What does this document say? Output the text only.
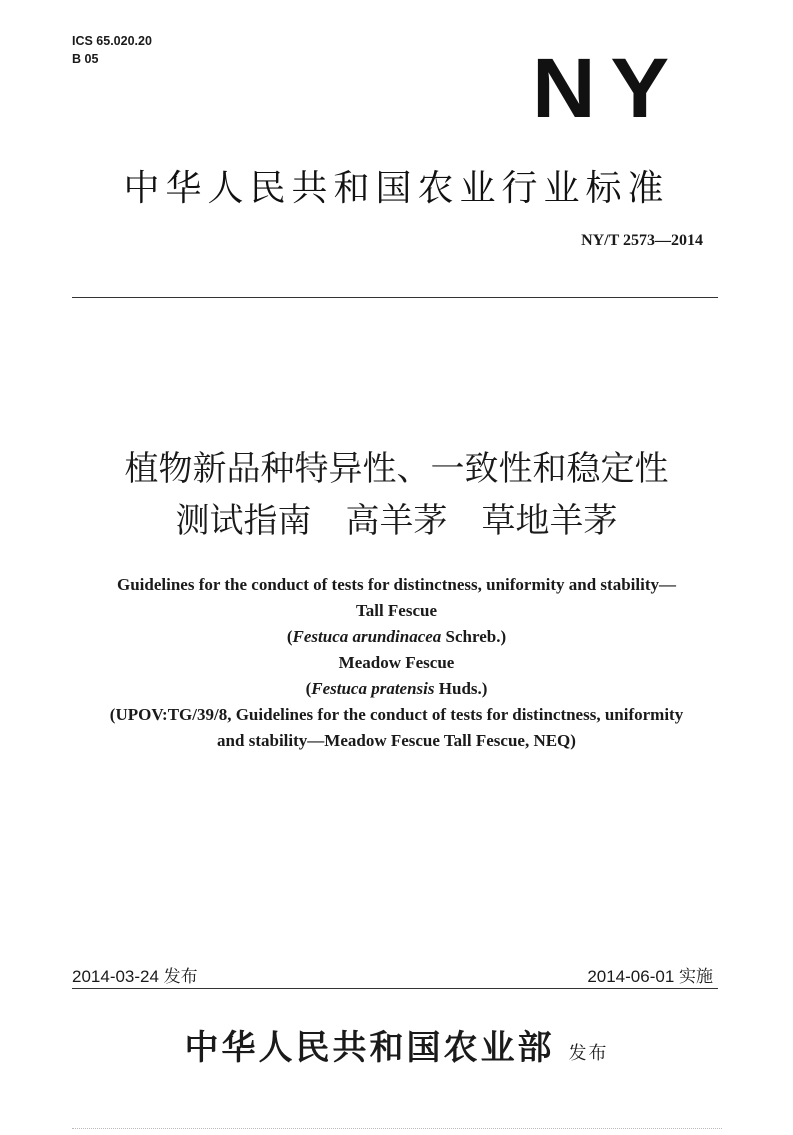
ICS 65.020.20
B 05	NY
中华人民共和国农业行业标准
NY/T 2573—2014
植物新品种特异性、一致性和稳定性
测试指南　高羊茅　草地羊茅
Guidelines for the conduct of tests for distinctness, uniformity and stability—
Tall Fescue
(Festuca arundinacea Schreb.)
Meadow Fescue
(Festuca pratensis Huds.)
(UPOV:TG/39/8, Guidelines for the conduct of tests for distinctness, uniformity
and stability—Meadow Fescue Tall Fescue, NEQ)
2014-03-24 发布	2014-06-01 实施
中华人民共和国农业部 发布
